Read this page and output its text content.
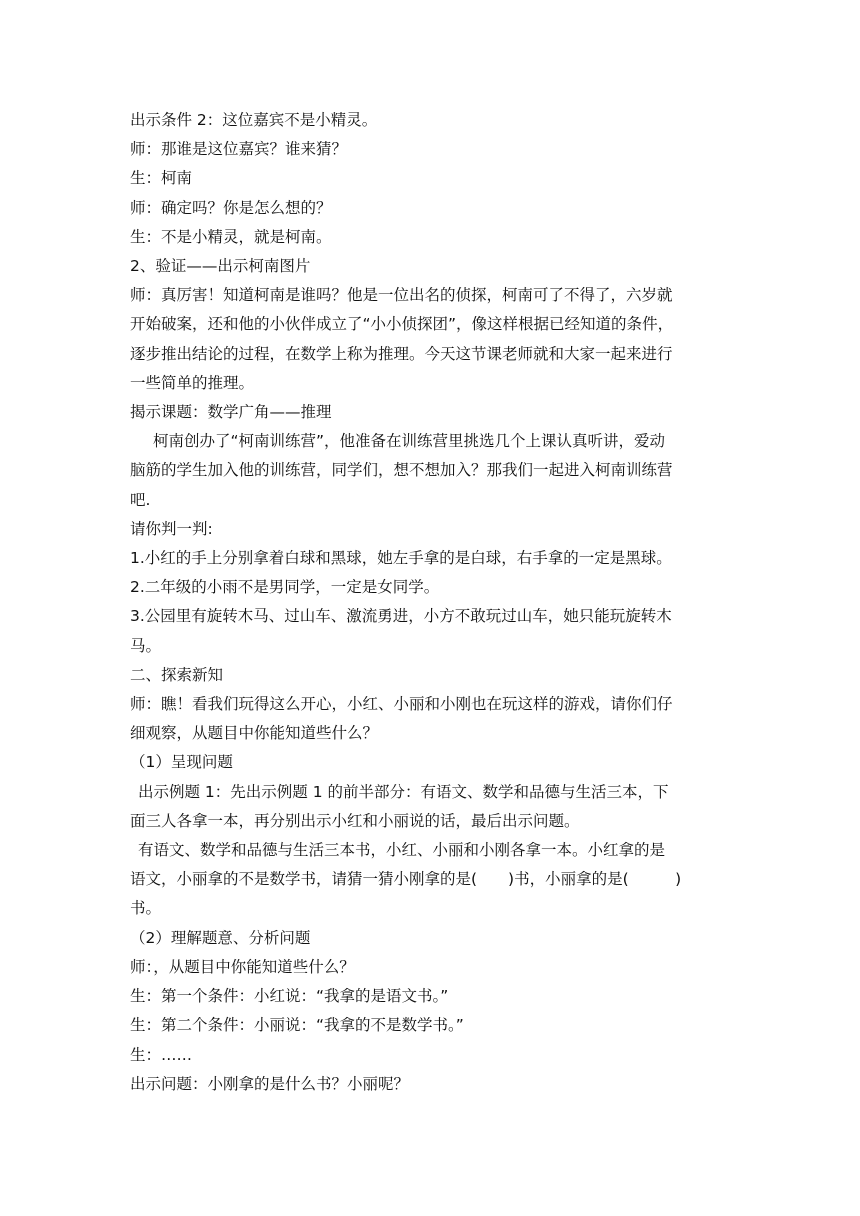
出示条件 2：这位嘉宾不是小精灵。

师：那谁是这位嘉宾？谁来猜？

生：柯南

师：确定吗？你是怎么想的？

生：不是小精灵，就是柯南。

2、验证——出示柯南图片

师：真厉害！知道柯南是谁吗？他是一位出名的侦探，柯南可了不得了，六岁就

开始破案，还和他的小伙伴成立了“小小侦探团”，像这样根据已经知道的条件，

逐步推出结论的过程，在数学上称为推理。今天这节课老师就和大家一起来进行

一些简单的推理。

揭示课题：数学广角——推理

柯南创办了“柯南训练营”，他准备在训练营里挑选几个上课认真听讲，爱动

脑筋的学生加入他的训练营，同学们，想不想加入？那我们一起进入柯南训练营

吧.

请你判一判:

1.小红的手上分别拿着白球和黑球，她左手拿的是白球，右手拿的一定是黑球。

2.二年级的小雨不是男同学，一定是女同学。

3.公园里有旋转木马、过山车、激流勇进，小方不敢玩过山车，她只能玩旋转木

马。

二、探索新知

师：瞧！看我们玩得这么开心，小红、小丽和小刚也在玩这样的游戏，请你们仔

细观察，从题目中你能知道些什么？

（1）呈现问题

出示例题 1：先出示例题 1 的前半部分：有语文、数学和品德与生活三本，下

面三人各拿一本，再分别出示小红和小丽说的话，最后出示问题。

有语文、数学和品德与生活三本书，小红、小丽和小刚各拿一本。小红拿的是

语文，小丽拿的不是数学书，请猜一猜小刚拿的是(　　)书，小丽拿的是(　　　)

书。

（2）理解题意、分析问题

师：，从题目中你能知道些什么？

生：第一个条件：小红说：“我拿的是语文书。”

生：第二个条件：小丽说：“我拿的不是数学书。”

生：……

出示问题：小刚拿的是什么书？小丽呢？
